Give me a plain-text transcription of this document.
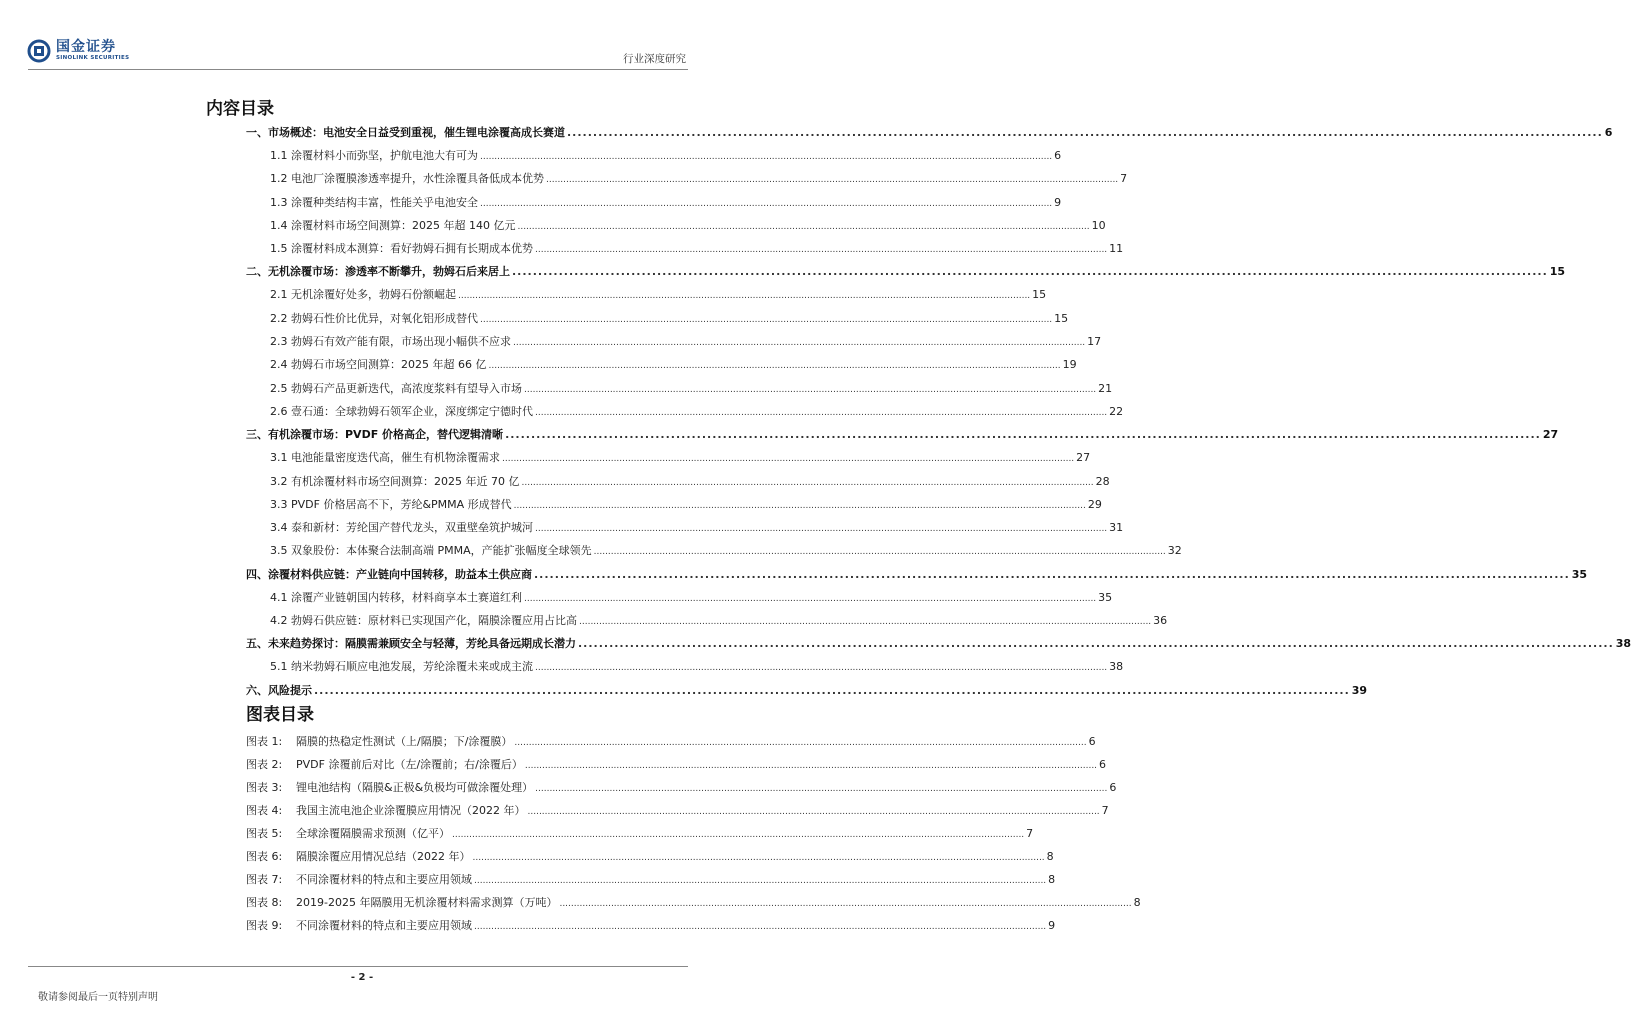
国金证券
SINOLINK SECURITIES	行业深度研究
内容目录
一、市场概述：电池安全日益受到重视，催生锂电涂覆高成长赛道 ........................................................................................................................................................................................................ 6
1.1 涂覆材料小而弥坚，护航电池大有可为 ........................................................................................................................................................................................................ 6
1.2 电池厂涂覆膜渗透率提升，水性涂覆具备低成本优势 ........................................................................................................................................................................................................ 7
1.3 涂覆种类结构丰富，性能关乎电池安全 ........................................................................................................................................................................................................ 9
1.4 涂覆材料市场空间测算：2025 年超 140 亿元 ........................................................................................................................................................................................................ 10
1.5 涂覆材料成本测算：看好勃姆石拥有长期成本优势 ........................................................................................................................................................................................................ 11
二、无机涂覆市场：渗透率不断攀升，勃姆石后来居上 ........................................................................................................................................................................................................ 15
2.1 无机涂覆好处多，勃姆石份额崛起 ........................................................................................................................................................................................................ 15
2.2 勃姆石性价比优异，对氧化铝形成替代 ........................................................................................................................................................................................................ 15
2.3 勃姆石有效产能有限，市场出现小幅供不应求 ........................................................................................................................................................................................................ 17
2.4 勃姆石市场空间测算：2025 年超 66 亿 ........................................................................................................................................................................................................ 19
2.5 勃姆石产品更新迭代，高浓度浆料有望导入市场 ........................................................................................................................................................................................................ 21
2.6 壹石通：全球勃姆石领军企业，深度绑定宁德时代 ........................................................................................................................................................................................................ 22
三、有机涂覆市场：PVDF 价格高企，替代逻辑清晰 ........................................................................................................................................................................................................ 27
3.1 电池能量密度迭代高，催生有机物涂覆需求 ........................................................................................................................................................................................................ 27
3.2 有机涂覆材料市场空间测算：2025 年近 70 亿 ........................................................................................................................................................................................................ 28
3.3 PVDF 价格居高不下，芳纶&PMMA 形成替代 ........................................................................................................................................................................................................ 29
3.4 泰和新材：芳纶国产替代龙头，双重壁垒筑护城河 ........................................................................................................................................................................................................ 31
3.5 双象股份：本体聚合法制高端 PMMA，产能扩张幅度全球领先 ........................................................................................................................................................................................................ 32
四、涂覆材料供应链：产业链向中国转移，助益本土供应商 ........................................................................................................................................................................................................ 35
4.1 涂覆产业链朝国内转移，材料商享本土赛道红利 ........................................................................................................................................................................................................ 35
4.2 勃姆石供应链：原材料已实现国产化，隔膜涂覆应用占比高 ........................................................................................................................................................................................................ 36
五、未来趋势探讨：隔膜需兼顾安全与轻薄，芳纶具备远期成长潜力 ........................................................................................................................................................................................................ 38
5.1 纳米勃姆石顺应电池发展，芳纶涂覆未来或成主流 ........................................................................................................................................................................................................ 38
六、风险提示 ........................................................................................................................................................................................................ 39
图表目录
图表 1:	隔膜的热稳定性测试（上/隔膜；下/涂覆膜） ........................................................................................................................................................................................................ 6
图表 2:	PVDF 涂覆前后对比（左/涂覆前；右/涂覆后） ........................................................................................................................................................................................................ 6
图表 3:	锂电池结构（隔膜&正极&负极均可做涂覆处理） ........................................................................................................................................................................................................ 6
图表 4:	我国主流电池企业涂覆膜应用情况（2022 年） ........................................................................................................................................................................................................ 7
图表 5:	全球涂覆隔膜需求预测（亿平） ........................................................................................................................................................................................................ 7
图表 6:	隔膜涂覆应用情况总结（2022 年） ........................................................................................................................................................................................................ 8
图表 7:	不同涂覆材料的特点和主要应用领域 ........................................................................................................................................................................................................ 8
图表 8:	2019-2025 年隔膜用无机涂覆材料需求测算（万吨） ........................................................................................................................................................................................................ 8
图表 9:	不同涂覆材料的特点和主要应用领域 ........................................................................................................................................................................................................ 9
- 2 -
敬请参阅最后一页特别声明
